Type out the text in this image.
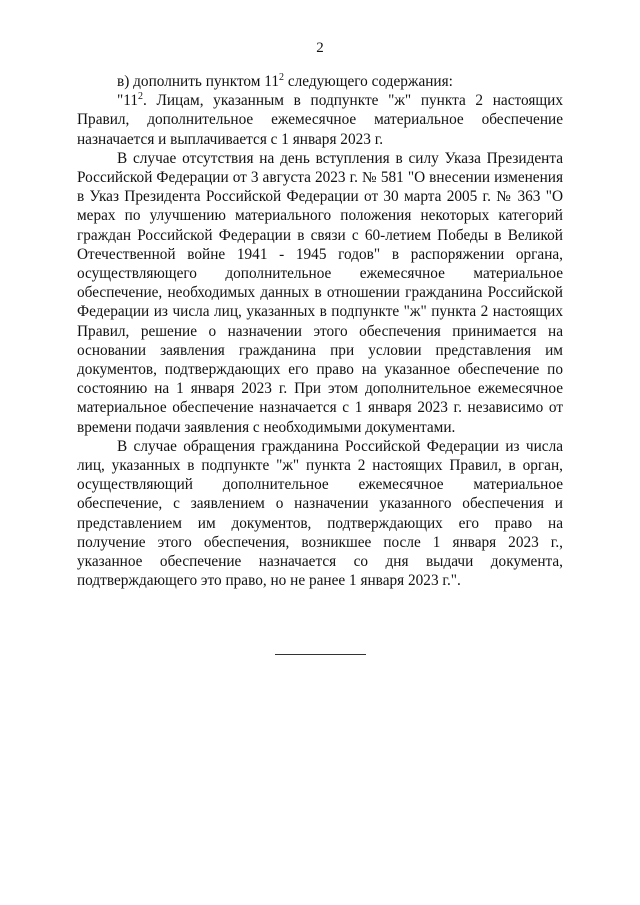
2

в) дополнить пунктом $11^2$ следующего содержания:

"$11^2$. Лицам, указанным в подпункте "ж" пункта 2 настоящих Правил, дополнительное ежемесячное материальное обеспечение назначается и выплачивается с 1 января 2023 г.

В случае отсутствия на день вступления в силу Указа Президента Российской Федерации от 3 августа 2023 г. № 581 "О внесении изменения в Указ Президента Российской Федерации от 30 марта 2005 г. № 363 "О мерах по улучшению материального положения некоторых категорий граждан Российской Федерации в связи с 60-летием Победы в Великой Отечественной войне 1941 - 1945 годов" в распоряжении органа, осуществляющего дополнительное ежемесячное материальное обеспечение, необходимых данных в отношении гражданина Российской Федерации из числа лиц, указанных в подпункте "ж" пункта 2 настоящих Правил, решение о назначении этого обеспечения принимается на основании заявления гражданина при условии представления им документов, подтверждающих его право на указанное обеспечение по состоянию на 1 января 2023 г. При этом дополнительное ежемесячное материальное обеспечение назначается с 1 января 2023 г. независимо от времени подачи заявления с необходимыми документами.

В случае обращения гражданина Российской Федерации из числа лиц, указанных в подпункте "ж" пункта 2 настоящих Правил, в орган, осуществляющий дополнительное ежемесячное материальное обеспечение, с заявлением о назначении указанного обеспечения и представлением им документов, подтверждающих его право на получение этого обеспечения, возникшее после 1 января 2023 г., указанное обеспечение назначается со дня выдачи документа, подтверждающего это право, но не ранее 1 января 2023 г.".
